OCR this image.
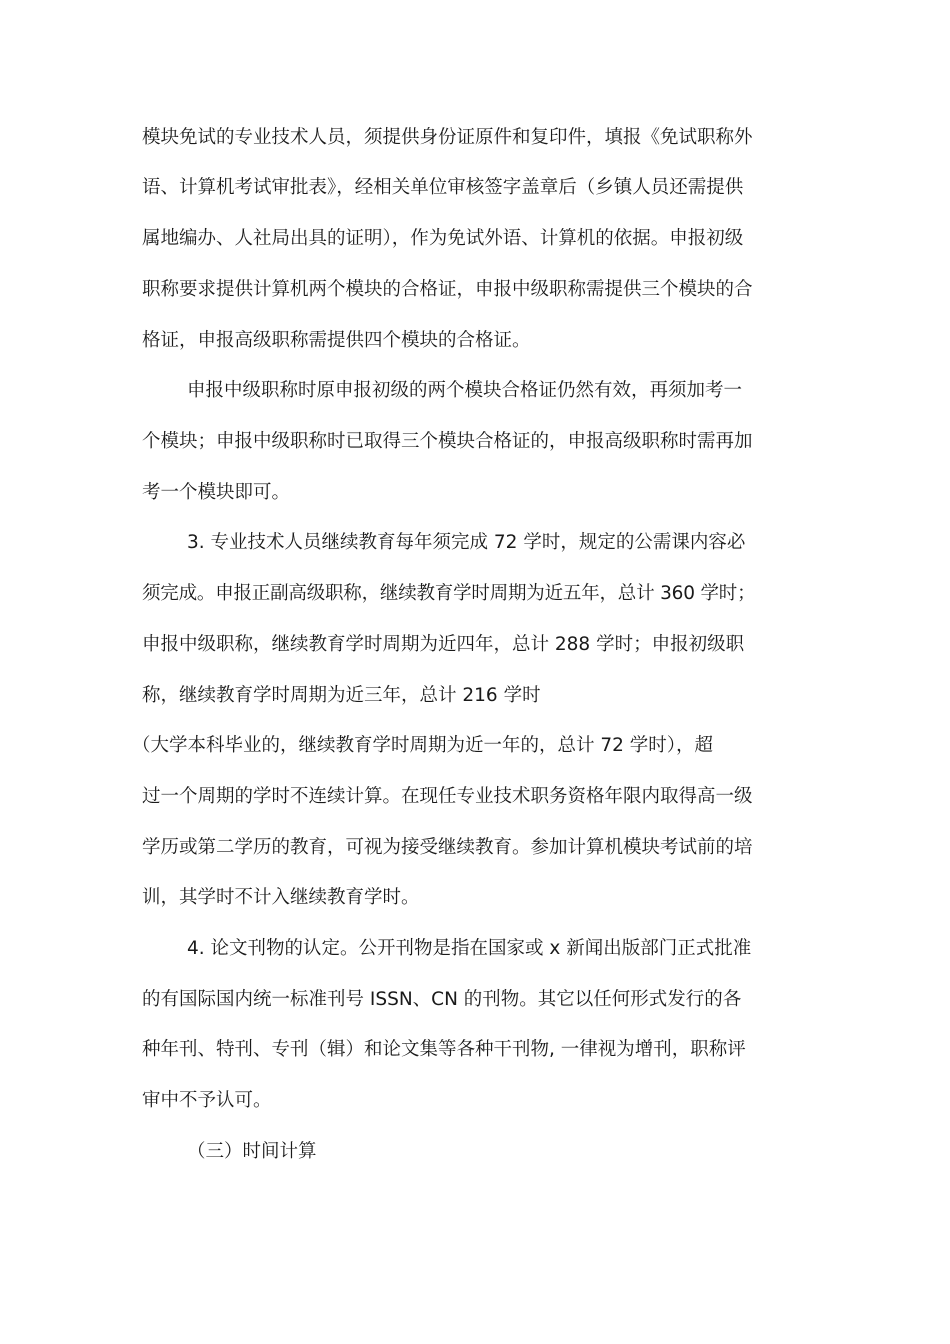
模块免试的专业技术人员，须提供身份证原件和复印件，填报《免试职称外
语、计算机考试审批表》，经相关单位审核签字盖章后（乡镇人员还需提供
属地编办、人社局出具的证明），作为免试外语、计算机的依据。申报初级
职称要求提供计算机两个模块的合格证，申报中级职称需提供三个模块的合
格证，申报高级职称需提供四个模块的合格证。
申报中级职称时原申报初级的两个模块合格证仍然有效，再须加考一
个模块；申报中级职称时已取得三个模块合格证的，申报高级职称时需再加
考一个模块即可。
3. 专业技术人员继续教育每年须完成 72 学时，规定的公需课内容必
须完成。申报正副高级职称，继续教育学时周期为近五年，总计 360 学时；
申报中级职称，继续教育学时周期为近四年，总计 288 学时；申报初级职
称，继续教育学时周期为近三年，总计 216 学时
（大学本科毕业的，继续教育学时周期为近一年的，总计 72 学时），超
过一个周期的学时不连续计算。在现任专业技术职务资格年限内取得高一级
学历或第二学历的教育，可视为接受继续教育。参加计算机模块考试前的培
训，其学时不计入继续教育学时。
4. 论文刊物的认定。公开刊物是指在国家或 x 新闻出版部门正式批准
的有国际国内统一标准刊号 ISSN、CN 的刊物。其它以任何形式发行的各
种年刊、特刊、专刊（辑）和论文集等各种干刊物, 一律视为增刊，职称评
审中不予认可。
（三）时间计算
